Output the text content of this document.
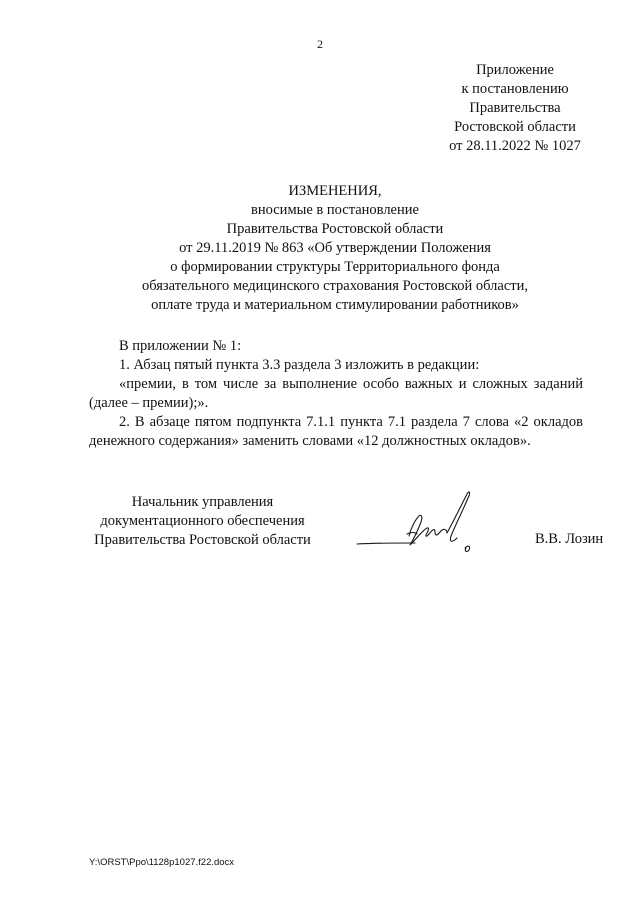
2
Приложение
к постановлению
Правительства
Ростовской области
от 28.11.2022 № 1027
ИЗМЕНЕНИЯ,
вносимые в постановление
Правительства Ростовской области
от 29.11.2019 № 863 «Об утверждении Положения
о формировании структуры Территориального фонда
обязательного медицинского страхования Ростовской области,
оплате труда и материальном стимулировании работников»

В приложении № 1:

1. Абзац пятый пункта 3.3 раздела 3 изложить в редакции:

«премии, в том числе за выполнение особо важных и сложных заданий (далее – премии);».

2. В абзаце пятом подпункта 7.1.1 пункта 7.1 раздела 7 слова «2 окладов денежного содержания» заменить словами «12 должностных окладов».

Начальник управления
документационного обеспечения
Правительства Ростовской области	В.В. Лозин
Y:\ORST\Ppo\1128p1027.f22.docx
